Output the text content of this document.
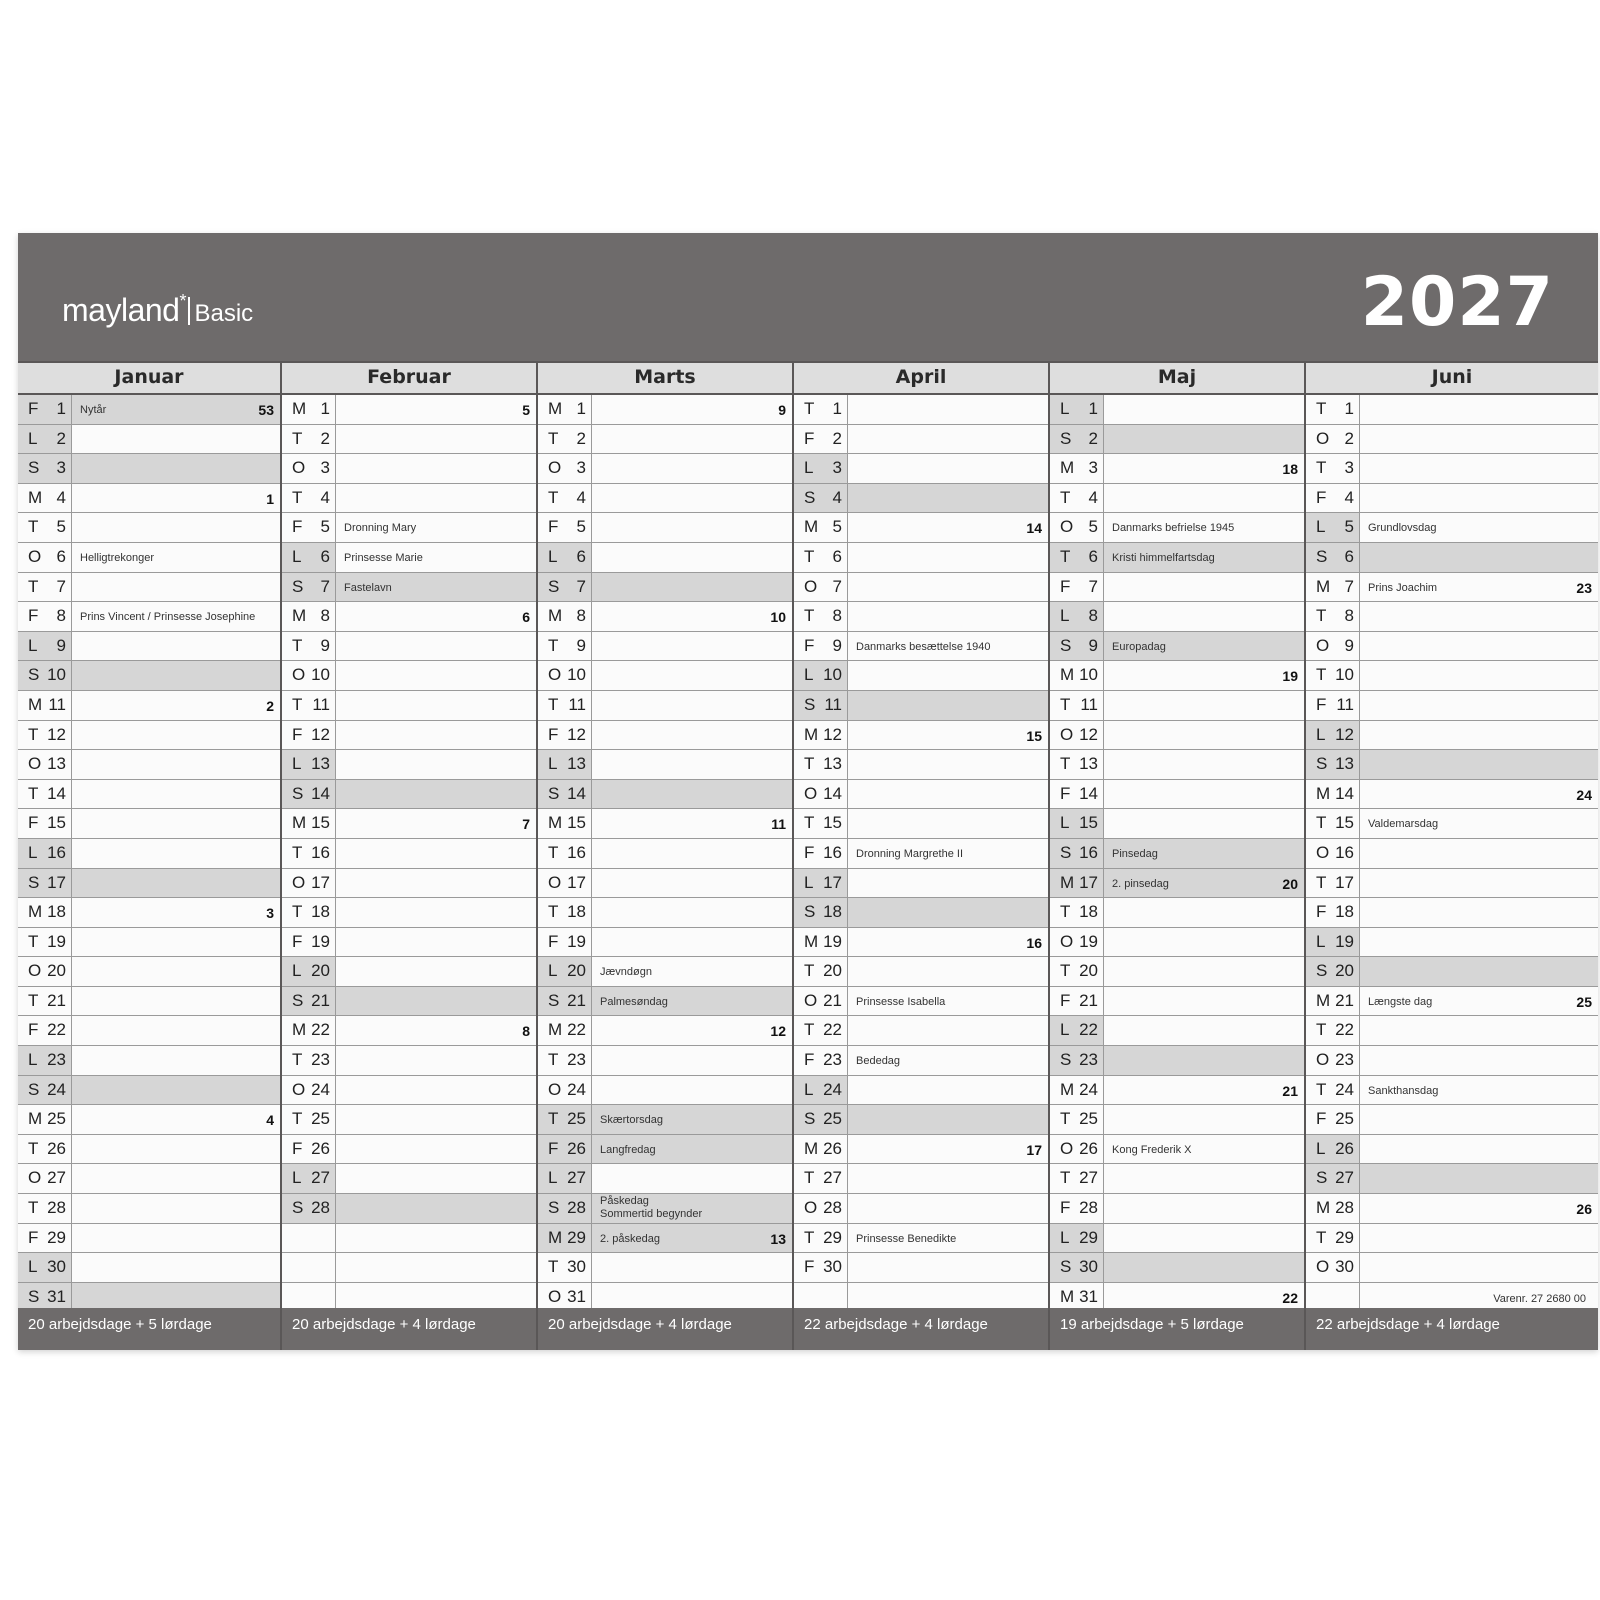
mayland* Basic	2027
Januar
F 1 Nytår	53
L 2
S 3
M 4	1
T 5
O 6 Helligtrekonger
T 7
F 8 Prins Vincent / Prinsesse Josephine
L 9
S 10
M 11	2
T 12
O 13
T 14
F 15
L 16
S 17
M 18	3
T 19
O 20
T 21
F 22
L 23
S 24
M 25	4
T 26
O 27
T 28
F 29
L 30
S 31
20 arbejdsdage + 5 lørdage
Februar
M 1	5
T 2
O 3
T 4
F 5 Dronning Mary
L 6 Prinsesse Marie
S 7 Fastelavn
M 8	6
T 9
O 10
T 11
F 12
L 13
S 14
M 15	7
T 16
O 17
T 18
F 19
L 20
S 21
M 22	8
T 23
O 24
T 25
F 26
L 27
S 28
20 arbejdsdage + 4 lørdage
Marts
M 1	9
T 2
O 3
T 4
F 5
L 6
S 7
M 8	10
T 9
O 10
T 11
F 12
L 13
S 14
M 15	11
T 16
O 17
T 18
F 19
L 20 Jævndøgn
S 21 Palmesøndag
M 22	12
T 23
O 24
T 25 Skærtorsdag
F 26 Langfredag
L 27
S 28 Påskedag
Sommertid begynder
M 29 2. påskedag	13
T 30
O 31
20 arbejdsdage + 4 lørdage
April
T 1
F 2
L 3
S 4
M 5	14
T 6
O 7
T 8
F 9 Danmarks besættelse 1940
L 10
S 11
M 12	15
T 13
O 14
T 15
F 16 Dronning Margrethe II
L 17
S 18
M 19	16
T 20
O 21 Prinsesse Isabella
T 22
F 23 Bededag
L 24
S 25
M 26	17
T 27
O 28
T 29 Prinsesse Benedikte
F 30
22 arbejdsdage + 4 lørdage
Maj
L 1
S 2
M 3	18
T 4
O 5 Danmarks befrielse 1945
T 6 Kristi himmelfartsdag
F 7
L 8
S 9 Europadag
M 10	19
T 11
O 12
T 13
F 14
L 15
S 16 Pinsedag
M 17 2. pinsedag	20
T 18
O 19
T 20
F 21
L 22
S 23
M 24	21
T 25
O 26 Kong Frederik X
T 27
F 28
L 29
S 30
M 31	22
19 arbejdsdage + 5 lørdage
Juni
T 1
O 2
T 3
F 4
L 5 Grundlovsdag
S 6
M 7 Prins Joachim	23
T 8
O 9
T 10
F 11
L 12
S 13
M 14	24
T 15 Valdemarsdag
O 16
T 17
F 18
L 19
S 20
M 21 Længste dag	25
T 22
O 23
T 24 Sankthansdag
F 25
L 26
S 27
M 28	26
T 29
O 30
Varenr. 27 2680 00
22 arbejdsdage + 4 lørdage
